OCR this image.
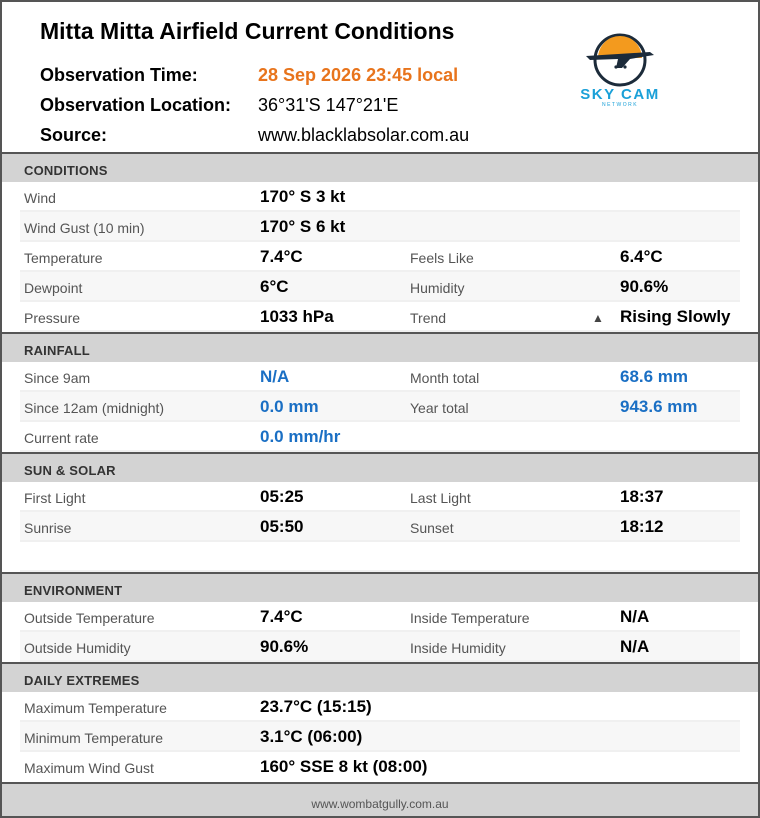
Mitta Mitta Airfield Current Conditions
Observation Time:	28 Sep 2026 23:45 local
Observation Location: 36°31'S 147°21'E
Source:	www.blacklabsolar.com.au
SKY CAM
NETWORK
CONDITIONS
Wind	170° S 3 kt
Wind Gust (10 min)	170° S 6 kt
Temperature	7.4°C	Feels Like	6.4°C
Dewpoint	6°C	Humidity	90.6%
Pressure	1033 hPa	Trend	▲ Rising Slowly
RAINFALL
Since 9am	N/A	Month total	68.6 mm
Since 12am (midnight)	0.0 mm	Year total	943.6 mm
Current rate	0.0 mm/hr
SUN & SOLAR
First Light	05:25	Last Light	18:37
Sunrise	05:50	Sunset	18:12
ENVIRONMENT
Outside Temperature	7.4°C	Inside Temperature	N/A
Outside Humidity	90.6%	Inside Humidity	N/A
DAILY EXTREMES
Maximum Temperature	23.7°C (15:15)
Minimum Temperature	3.1°C (06:00)
Maximum Wind Gust	160° SSE 8 kt (08:00)
www.wombatgully.com.au
